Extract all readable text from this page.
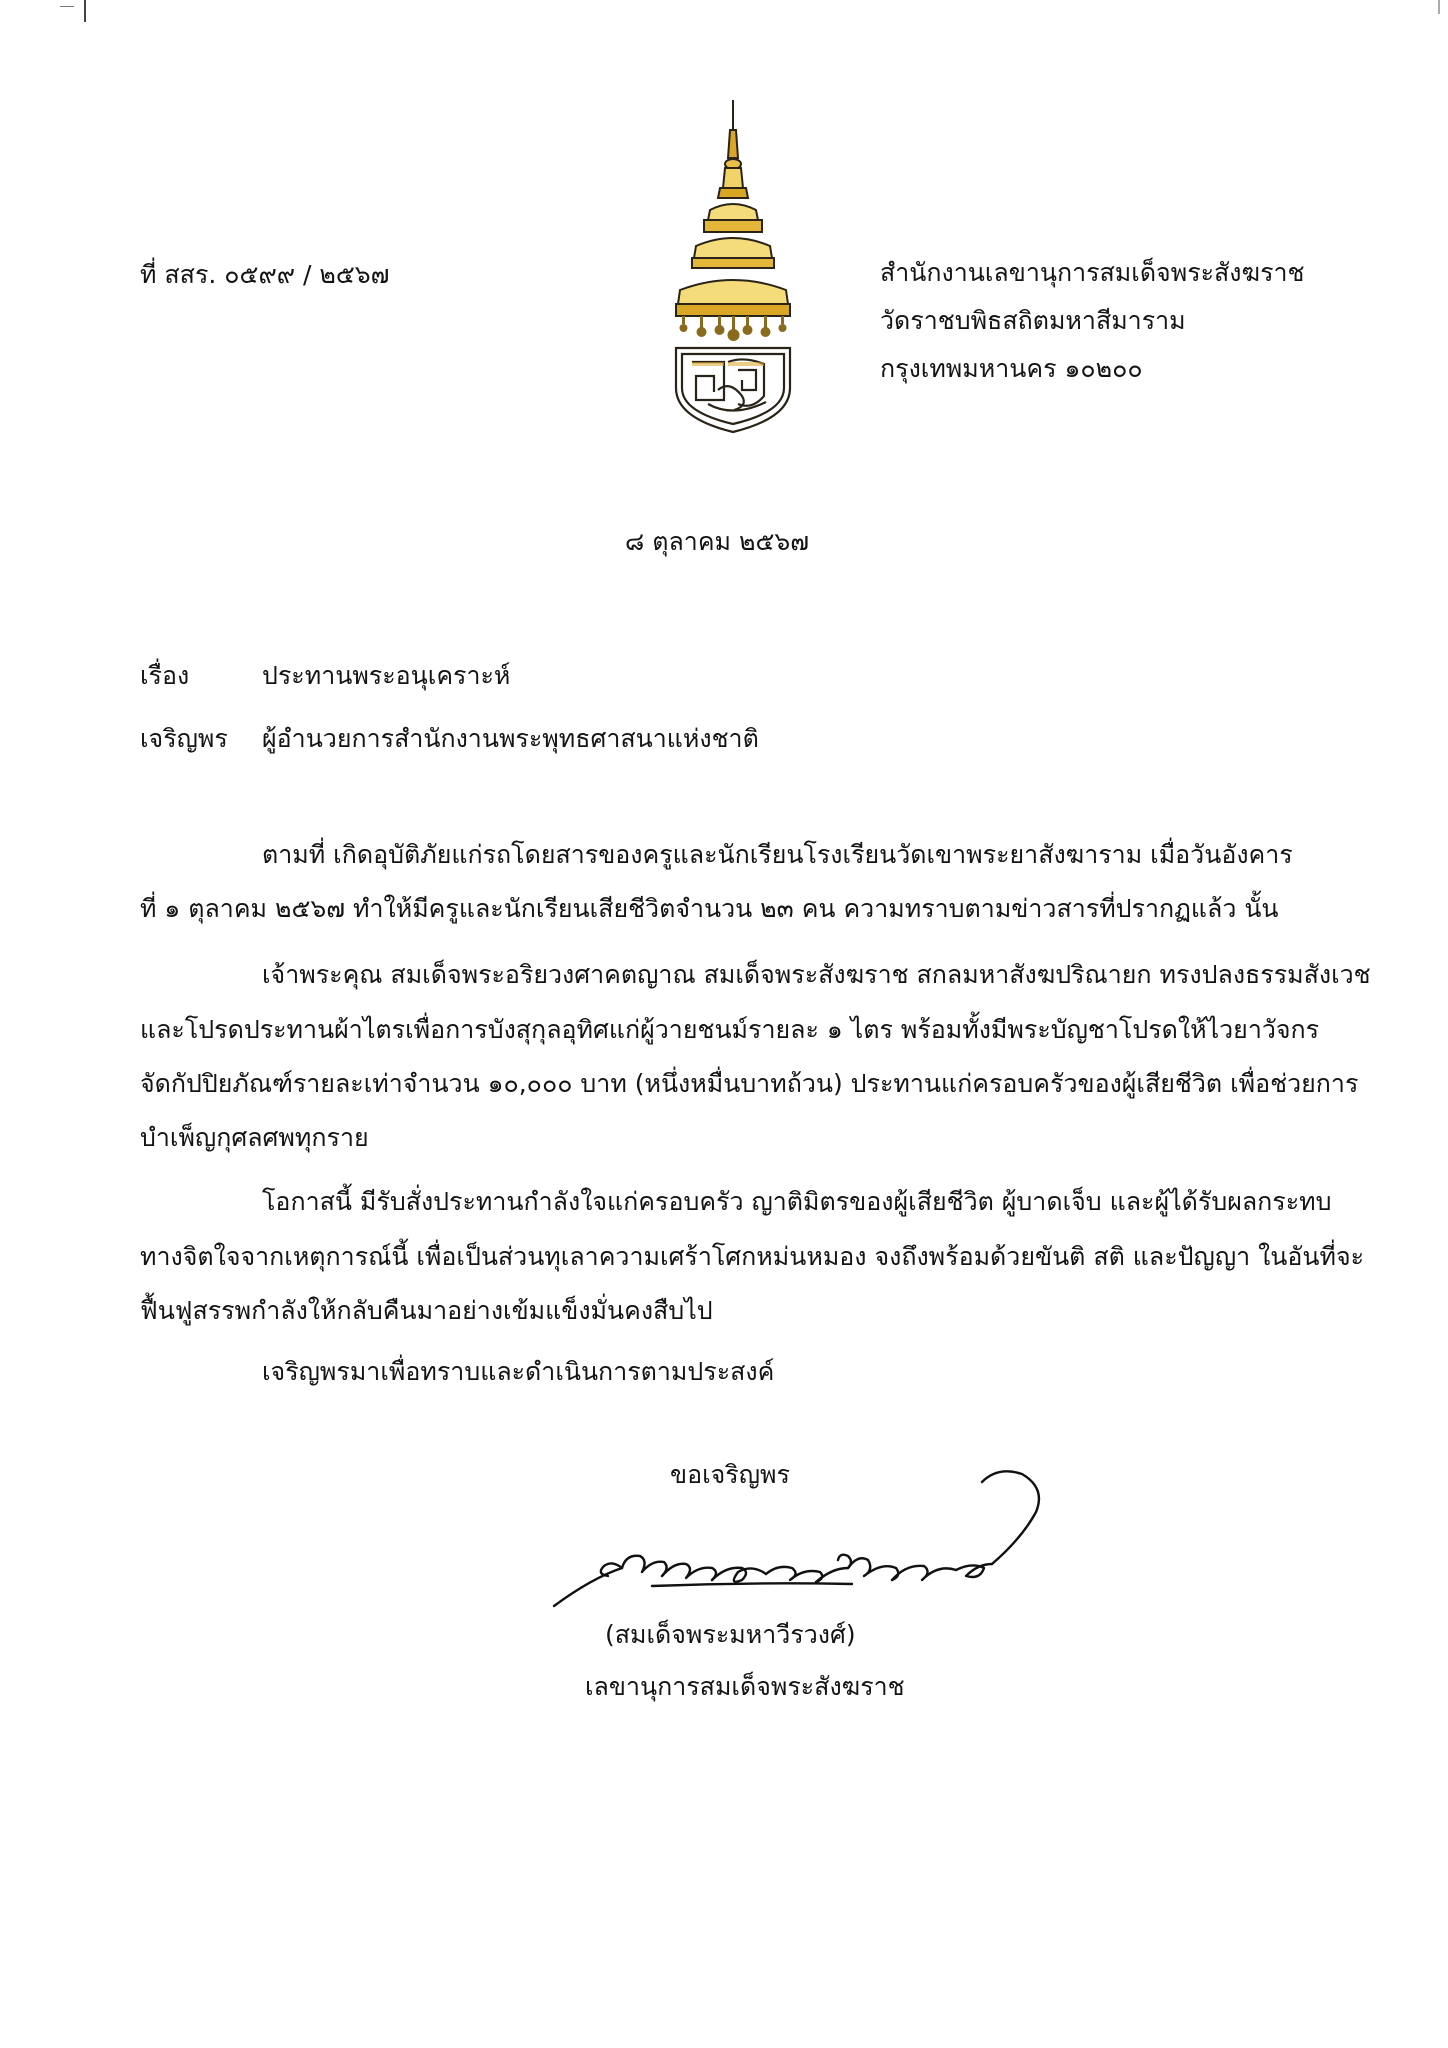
ที่ สสร. ๐๕๙๙ / ๒๕๖๗	สำนักงานเลขานุการสมเด็จพระสังฆราช
วัดราชบพิธสถิตมหาสีมาราม
กรุงเทพมหานคร ๑๐๒๐๐
๘ ตุลาคม ๒๕๖๗
เรื่อง	ประทานพระอนุเคราะห์
เจริญพร ผู้อำนวยการสำนักงานพระพุทธศาสนาแห่งชาติ
ตามที่ เกิดอุบัติภัยแก่รถโดยสารของครูและนักเรียนโรงเรียนวัดเขาพระยาสังฆาราม เมื่อวันอังคาร
ที่ ๑ ตุลาคม ๒๕๖๗ ทำให้มีครูและนักเรียนเสียชีวิตจำนวน ๒๓ คน ความทราบตามข่าวสารที่ปรากฏแล้ว นั้น
เจ้าพระคุณ สมเด็จพระอริยวงศาคตญาณ สมเด็จพระสังฆราช สกลมหาสังฆปริณายก ทรงปลงธรรมสังเวช
และโปรดประทานผ้าไตรเพื่อการบังสุกุลอุทิศแก่ผู้วายชนม์รายละ ๑ ไตร พร้อมทั้งมีพระบัญชาโปรดให้ไวยาวัจกร
จัดกัปปิยภัณฑ์รายละเท่าจำนวน ๑๐,๐๐๐ บาท (หนึ่งหมื่นบาทถ้วน) ประทานแก่ครอบครัวของผู้เสียชีวิต เพื่อช่วยการ
บำเพ็ญกุศลศพทุกราย
โอกาสนี้ มีรับสั่งประทานกำลังใจแก่ครอบครัว ญาติมิตรของผู้เสียชีวิต ผู้บาดเจ็บ และผู้ได้รับผลกระทบ
ทางจิตใจจากเหตุการณ์นี้ เพื่อเป็นส่วนทุเลาความเศร้าโศกหม่นหมอง จงถึงพร้อมด้วยขันติ สติ และปัญญา ในอันที่จะ
ฟื้นฟูสรรพกำลังให้กลับคืนมาอย่างเข้มแข็งมั่นคงสืบไป
เจริญพรมาเพื่อทราบและดำเนินการตามประสงค์
ขอเจริญพร
(สมเด็จพระมหาวีรวงศ์)
เลขานุการสมเด็จพระสังฆราช
